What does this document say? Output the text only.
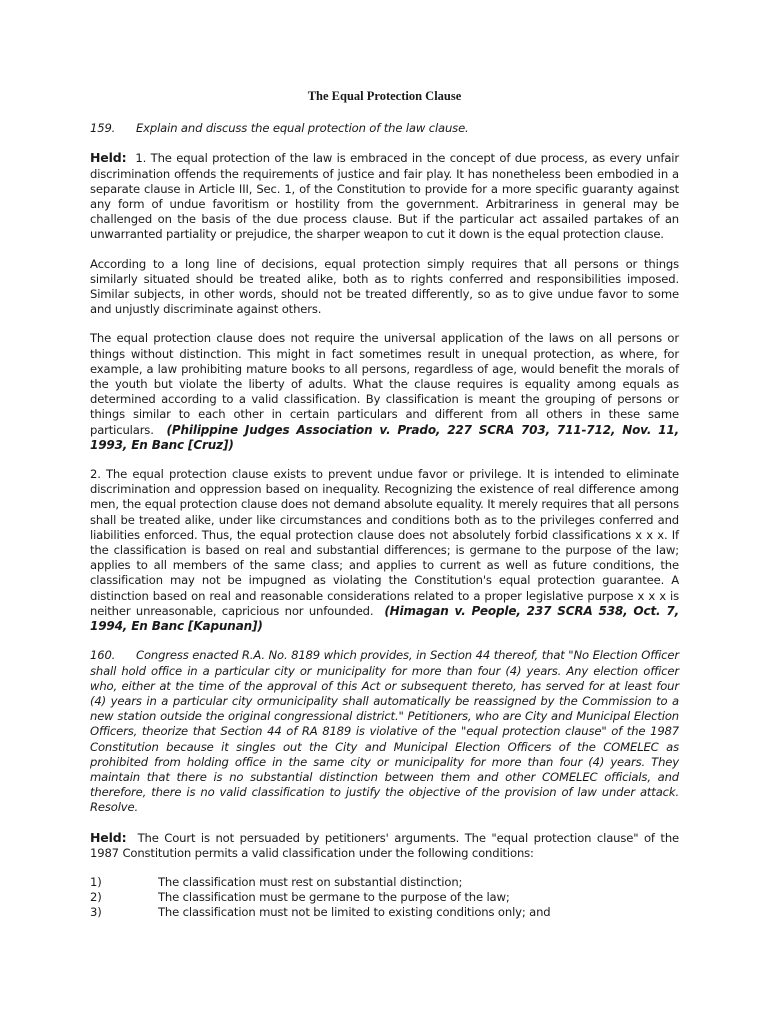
The Equal Protection Clause
159. Explain and discuss the equal protection of the law clause.
Held: 1. The equal protection of the law is embraced in the concept of due process, as every unfair discrimination offends the requirements of justice and fair play. It has nonetheless been embodied in a separate clause in Article III, Sec. 1, of the Constitution to provide for a more specific guaranty against any form of undue favoritism or hostility from the government. Arbitrariness in general may be challenged on the basis of the due process clause. But if the particular act assailed partakes of an unwarranted partiality or prejudice, the sharper weapon to cut it down is the equal protection clause.
According to a long line of decisions, equal protection simply requires that all persons or things similarly situated should be treated alike, both as to rights conferred and responsibilities imposed. Similar subjects, in other words, should not be treated differently, so as to give undue favor to some and unjustly discriminate against others.
The equal protection clause does not require the universal application of the laws on all persons or things without distinction. This might in fact sometimes result in unequal protection, as where, for example, a law prohibiting mature books to all persons, regardless of age, would benefit the morals of the youth but violate the liberty of adults. What the clause requires is equality among equals as determined according to a valid classification. By classification is meant the grouping of persons or things similar to each other in certain particulars and different from all others in these same particulars. (Philippine Judges Association v. Prado, 227 SCRA 703, 711-712, Nov. 11, 1993, En Banc [Cruz])
2. The equal protection clause exists to prevent undue favor or privilege. It is intended to eliminate discrimination and oppression based on inequality. Recognizing the existence of real difference among men, the equal protection clause does not demand absolute equality. It merely requires that all persons shall be treated alike, under like circumstances and conditions both as to the privileges conferred and liabilities enforced. Thus, the equal protection clause does not absolutely forbid classifications x x x. If the classification is based on real and substantial differences; is germane to the purpose of the law; applies to all members of the same class; and applies to current as well as future conditions, the classification may not be impugned as violating the Constitution's equal protection guarantee. A distinction based on real and reasonable considerations related to a proper legislative purpose x x x is neither unreasonable, capricious nor unfounded. (Himagan v. People, 237 SCRA 538, Oct. 7, 1994, En Banc [Kapunan])
160. Congress enacted R.A. No. 8189 which provides, in Section 44 thereof, that "No Election Officer shall hold office in a particular city or municipality for more than four (4) years. Any election officer who, either at the time of the approval of this Act or subsequent thereto, has served for at least four (4) years in a particular city ormunicipality shall automatically be reassigned by the Commission to a new station outside the original congressional district." Petitioners, who are City and Municipal Election Officers, theorize that Section 44 of RA 8189 is violative of the "equal protection clause" of the 1987 Constitution because it singles out the City and Municipal Election Officers of the COMELEC as prohibited from holding office in the same city or municipality for more than four (4) years. They maintain that there is no substantial distinction between them and other COMELEC officials, and therefore, there is no valid classification to justify the objective of the provision of law under attack. Resolve.
Held: The Court is not persuaded by petitioners' arguments. The "equal protection clause" of the 1987 Constitution permits a valid classification under the following conditions:
1)	The classification must rest on substantial distinction;
2)	The classification must be germane to the purpose of the law;
3)	The classification must not be limited to existing conditions only; and
